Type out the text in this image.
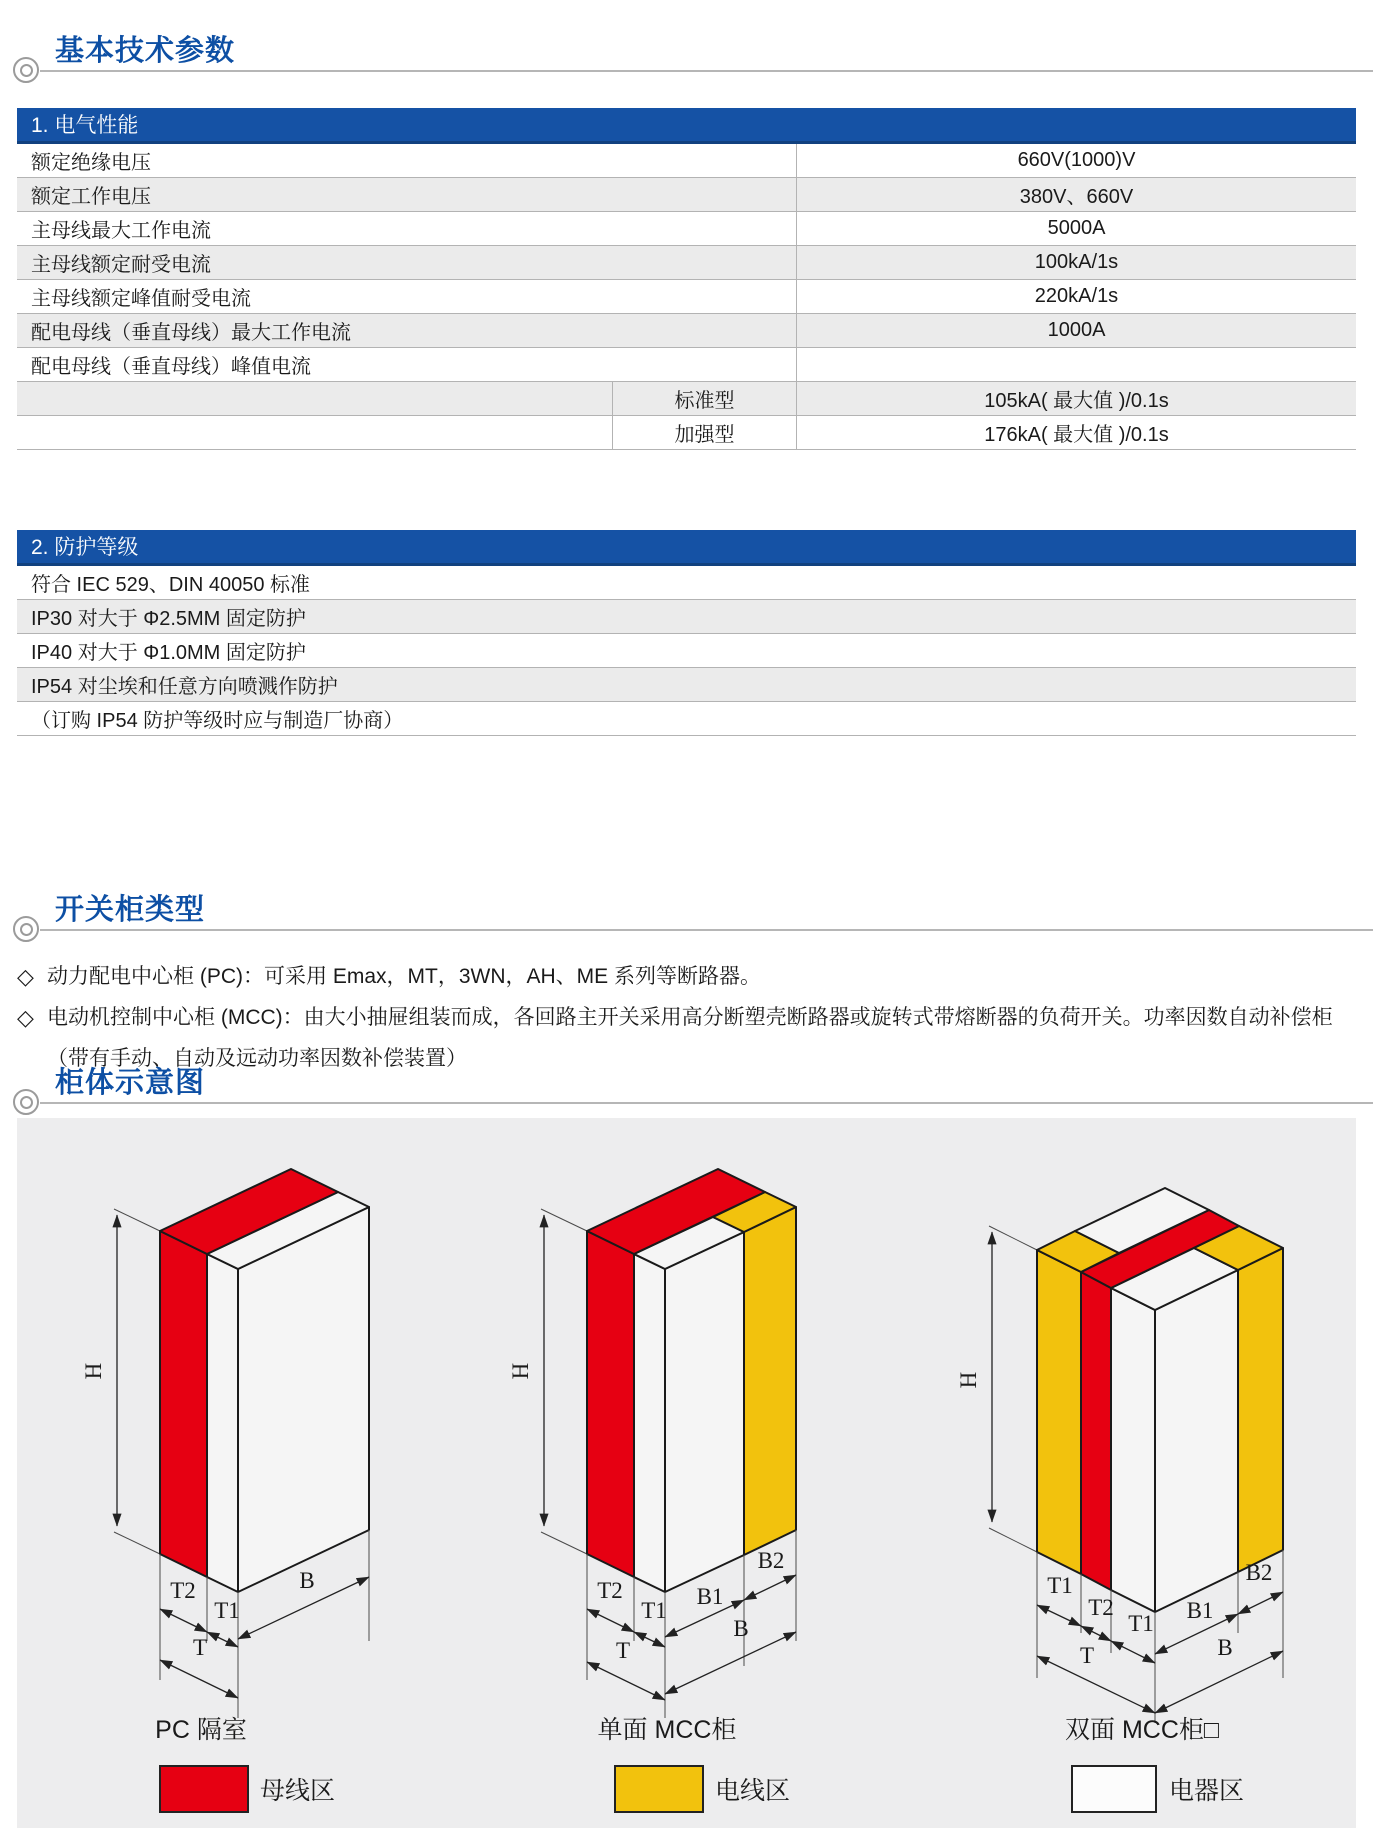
基本技术参数
1. 电气性能
额定绝缘电压	660V(1000)V
额定工作电压	380V、660V
主母线最大工作电流	5000A
主母线额定耐受电流	100kA/1s
主母线额定峰值耐受电流	220kA/1s
配电母线（垂直母线）最大工作电流	1000A
配电母线（垂直母线）峰值电流
标准型	105kA( 最大值 )/0.1s
加强型	176kA( 最大值 )/0.1s
2. 防护等级
符合 IEC 529、DIN 40050 标准
IP30 对大于 Φ2.5MM 固定防护
IP40 对大于 Φ1.0MM 固定防护
IP54 对尘埃和任意方向喷溅作防护
（订购 IP54 防护等级时应与制造厂协商）
开关柜类型
◇ 动力配电中心柜 (PC)：可采用 Emax，MT，3WN，AH、ME 系列等断路器。
◇ 电动机控制中心柜 (MCC)：由大小抽屉组装而成，各回路主开关采用高分断塑壳断路器或旋转式带熔断器的负荷开关。功率因数自动补偿柜（带有手动、自动及远动功率因数补偿装置）
柜体示意图
H
T2
T1
B
T
PC 隔室
H
T2
T1
B1
B2
T
B
单面 MCC柜
H
T1
T2
T1
B1
B2
T	B
双面 MCC柜□
母线区	电线区	电器区
